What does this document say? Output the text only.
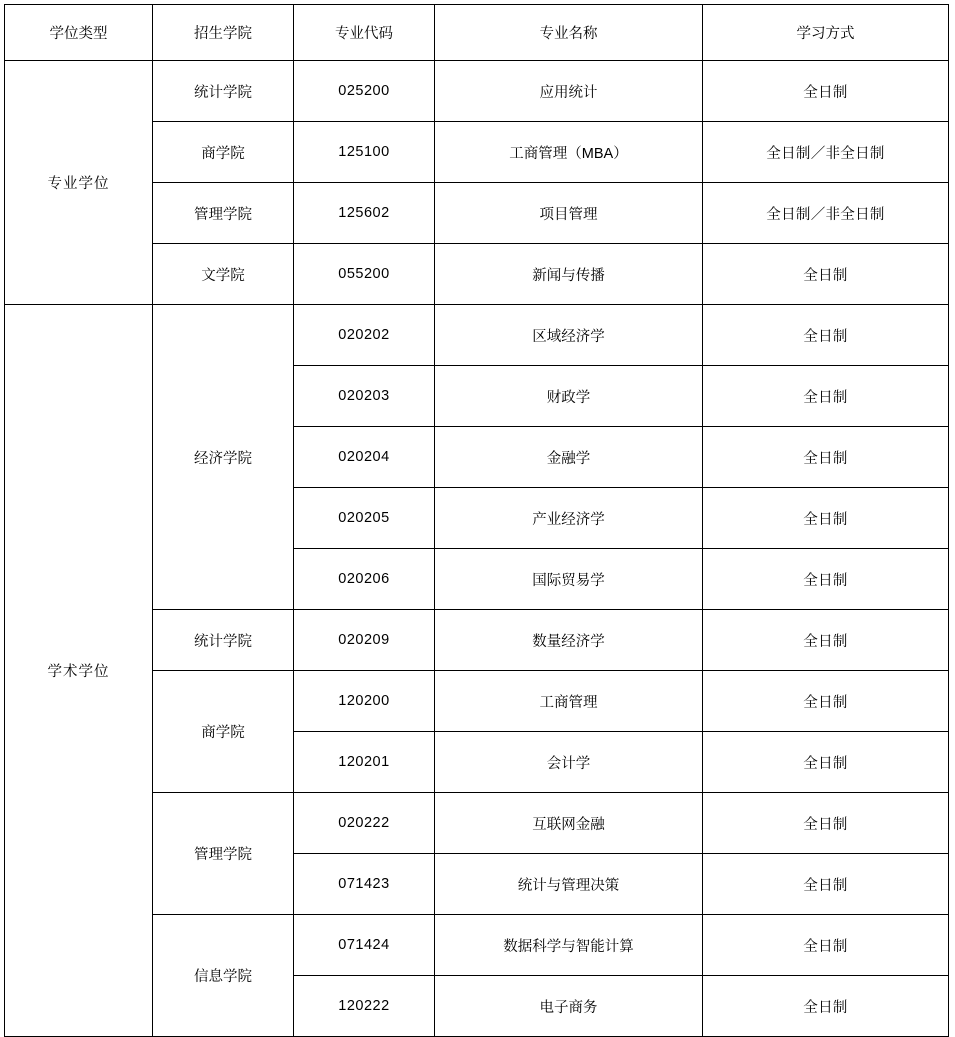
学位类型	招生学院	专业代码	专业名称	学习方式
专业学位	统计学院	025200	应用统计	全日制
	商学院	125100	工商管理（MBA）	全日制／非全日制
	管理学院	125602	项目管理	全日制／非全日制
	文学院	055200	新闻与传播	全日制
学术学位	经济学院	020202	区域经济学	全日制
		020203	财政学	全日制
		020204	金融学	全日制
		020205	产业经济学	全日制
		020206	国际贸易学	全日制
	统计学院	020209	数量经济学	全日制
	商学院	120200	工商管理	全日制
		120201	会计学	全日制
	管理学院	020222	互联网金融	全日制
		071423	统计与管理决策	全日制
	信息学院	071424	数据科学与智能计算	全日制
		120222	电子商务	全日制
